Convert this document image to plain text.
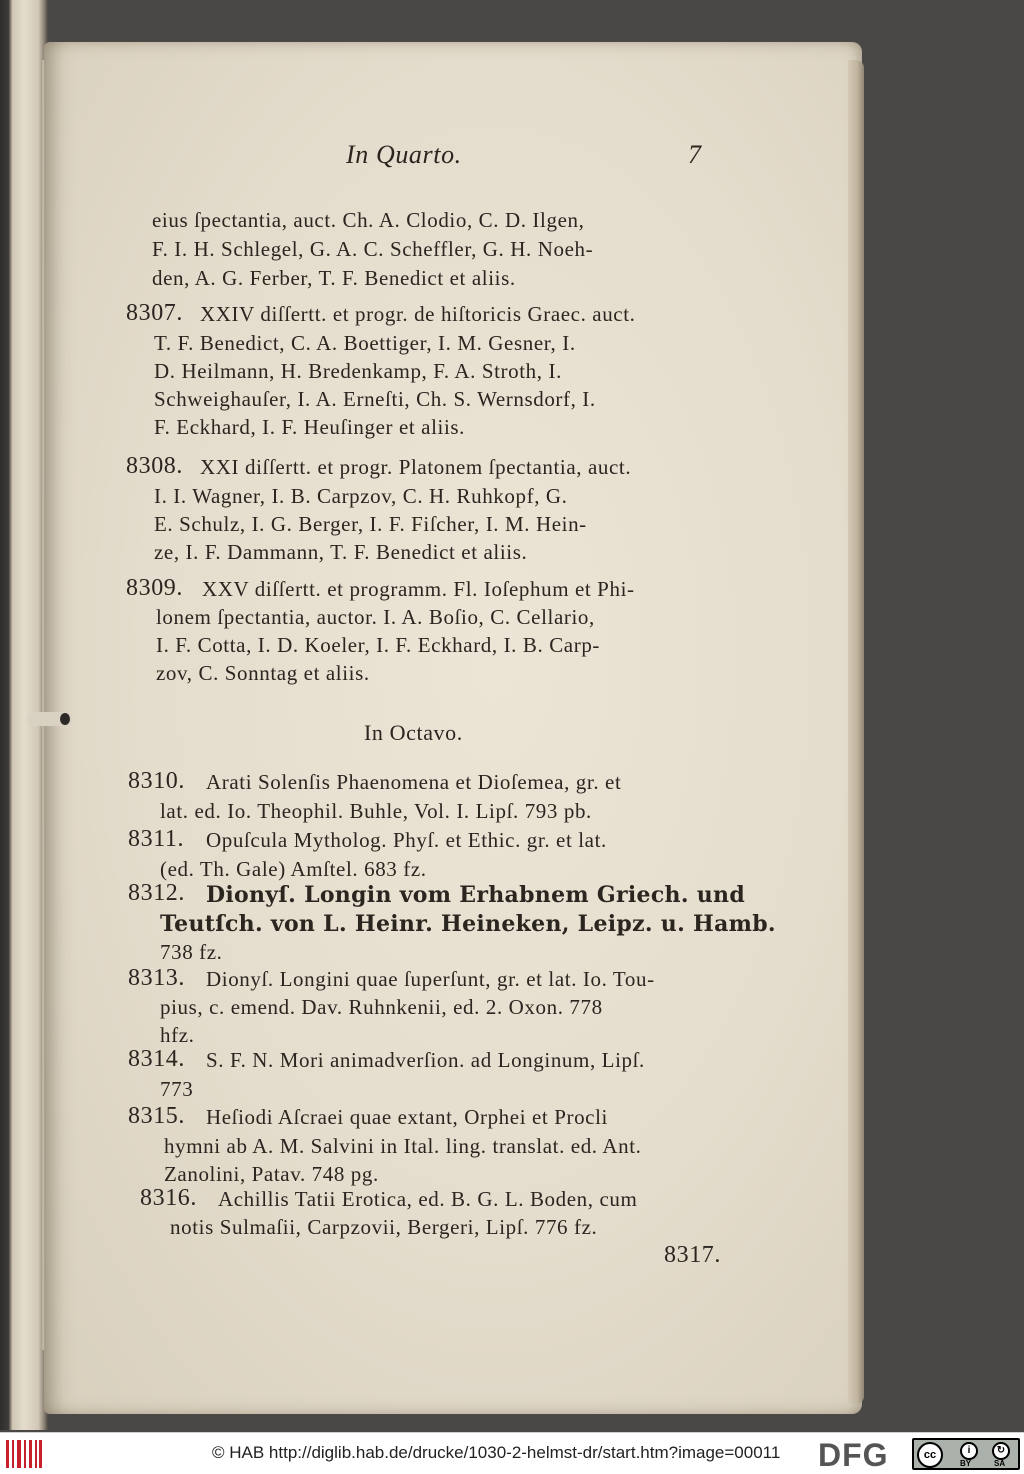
In Quarto.	7
eius ſpectantia, auct. Ch. A. Clodio, C. D. Ilgen,
F. I. H. Schlegel, G. A. C. Scheffler, G. H. Noeh-
den, A. G. Ferber, T. F. Benedict et aliis.
8307. XXIV diſſertt. et progr. de hiſtoricis Graec. auct.
T. F. Benedict, C. A. Boettiger, I. M. Gesner, I.
D. Heilmann, H. Bredenkamp, F. A. Stroth, I.
Schweighauſer, I. A. Erneſti, Ch. S. Wernsdorf, I.
F. Eckhard, I. F. Heuſinger et aliis.
8308. XXI diſſertt. et progr. Platonem ſpectantia, auct.
I. I. Wagner, I. B. Carpzov, C. H. Ruhkopf, G.
E. Schulz, I. G. Berger, I. F. Fiſcher, I. M. Hein-
ze, I. F. Dammann, T. F. Benedict et aliis.
8309. XXV diſſertt. et programm. Fl. Ioſephum et Phi-
lonem ſpectantia, auctor. I. A. Boſio, C. Cellario,
I. F. Cotta, I. D. Koeler, I. F. Eckhard, I. B. Carp-
zov, C. Sonntag et aliis.
In Octavo.
8310. Arati Solenſis Phaenomena et Dioſemea, gr. et
lat. ed. Io. Theophil. Buhle, Vol. I. Lipſ. 793 pb.
8311. Opuſcula Mytholog. Phyſ. et Ethic. gr. et lat.
(ed. Th. Gale) Amſtel. 683 fz.
8312. Dionyſ. Longin vom Erhabnem Griech. und
Teutſch. von L. Heinr. Heineken, Leipz. u. Hamb.
738 fz.
8313. Dionyſ. Longini quae ſuperſunt, gr. et lat. Io. Tou-
pius, c. emend. Dav. Ruhnkenii, ed. 2. Oxon. 778
hfz.
8314. S. F. N. Mori animadverſion. ad Longinum, Lipſ.
773
8315. Heſiodi Aſcraei quae extant, Orphei et Procli
hymni ab A. M. Salvini in Ital. ling. translat. ed. Ant.
Zanolini, Patav. 748 pg.
8316. Achillis Tatii Erotica, ed. B. G. L. Boden, cum
notis Sulmaſii, Carpzovii, Bergeri, Lipſ. 776 fz.
8317.
© HAB http://diglib.hab.de/drucke/1030-2-helmst-dr/start.htm?image=00011 DFG	cc	i	↻
BY	SA
